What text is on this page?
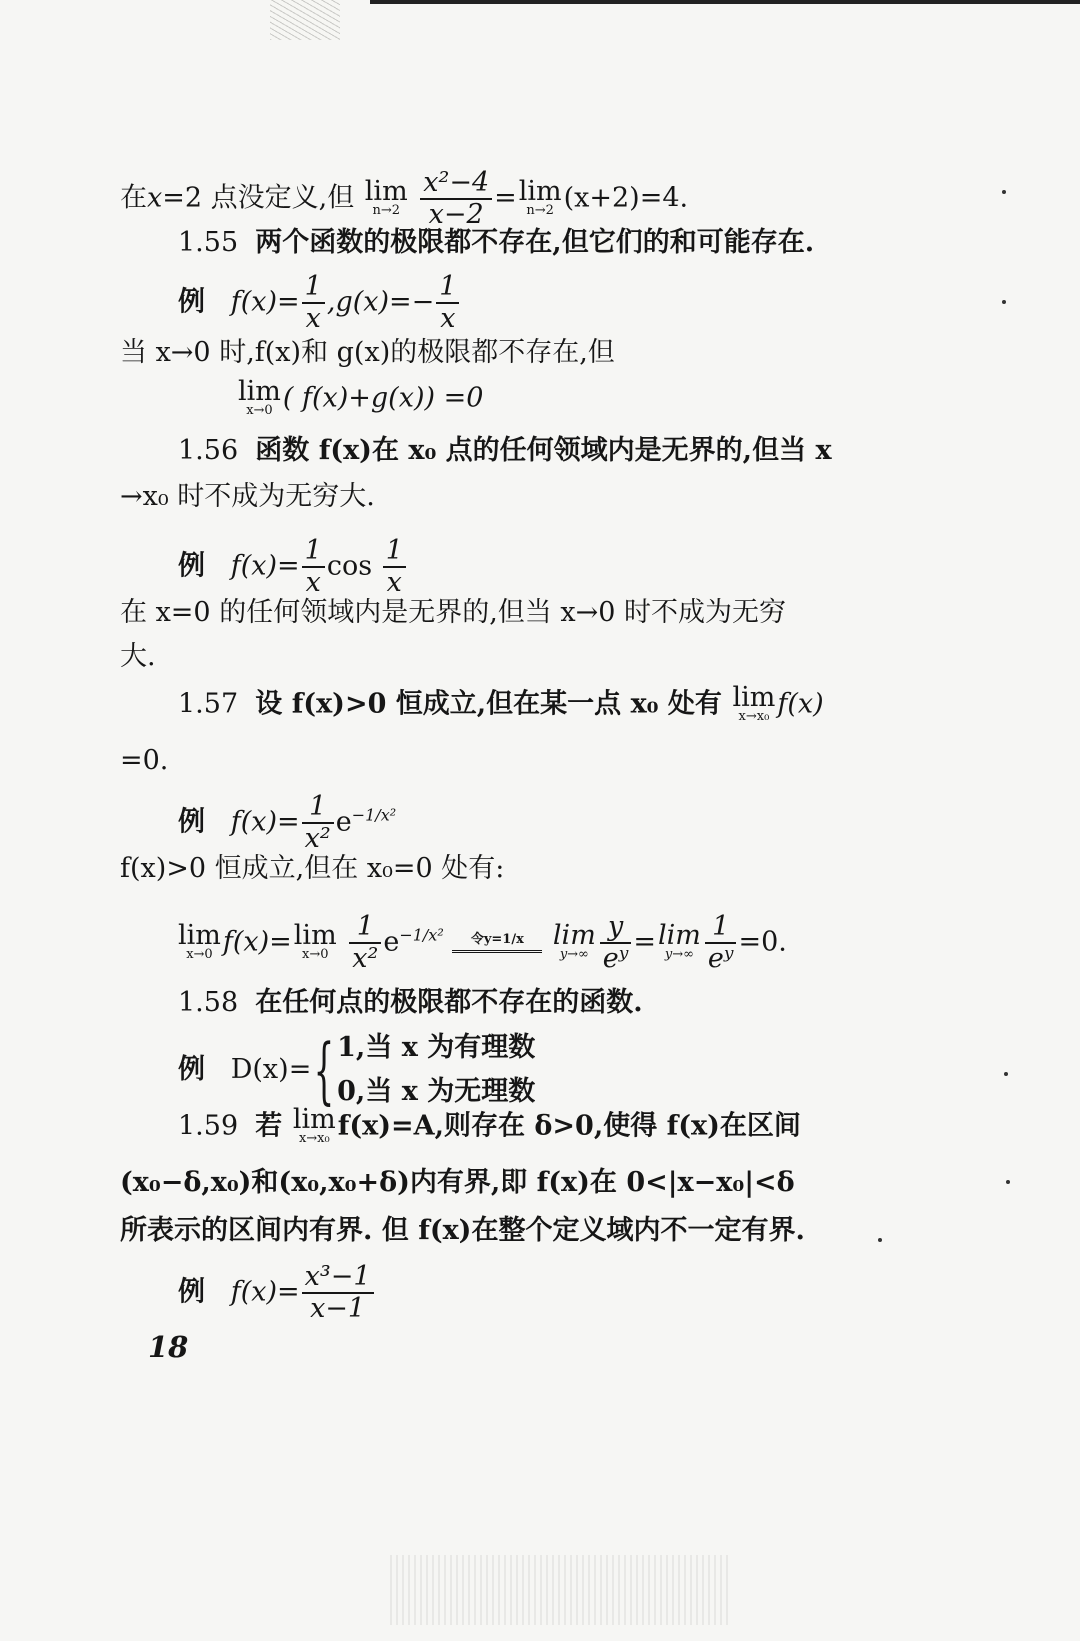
在x=2 点没定义,但 lim
n→2
$\frac{\text{x²−4}}{x-2} = \lim$
n→2 (x+2)=4.
1.55 两个函数的极限都不存在,但它们的和可能存在.
例 $f(x)= \frac{1}{x} ,g(x)=- \frac{1}{x}$
当 x→0 时,f(x)和 g(x)的极限都不存在,但
lim
x→0 ( f(x)+g(x)) =0
1.56 函数 f(x)在 x₀ 点的任何领域内是无界的,但当 x
→x₀ 时不成为无穷大.
例 $f(x)= \frac{1}{x}$ $\cos \frac{1}{x}$
在 x=0 的任何领域内是无界的,但当 x→0 时不成为无穷
大.
1.57 设 f(x)>0 恒成立,但在某一点 x₀ 处有 lim
x→x₀ f(x)
=0.
例 $f(x)= \frac{1}{\text{x²}} e^{-1/x^2}$
f(x)>0 恒成立,但在 x₀=0 处有:
lim
x→0 f(x)= lim
x→0
$\frac{1}{\text{x²}} e^{-1/x^2}$	令y=1/x
	lim
$y\to\infty \frac{y}{\text{eʸ}} = \lim$
$y\to\infty \frac{1}{\text{eʸ}} =0$.
1.58 在任何点的极限都不存在的函数.
例 D(x)={ 1,当 x 为有理数
0,当 x 为无理数
1.59 若 lim
x→x₀ f(x)=A,则存在 δ>0,使得 f(x)在区间
(x₀−δ,x₀)和(x₀,x₀+δ)内有界,即 f(x)在 0<|x−x₀|<δ
所表示的区间内有界. 但 f(x)在整个定义域内不一定有界.
例 $f(x)= \frac{\text{x³−1}}{x-1}$
18
